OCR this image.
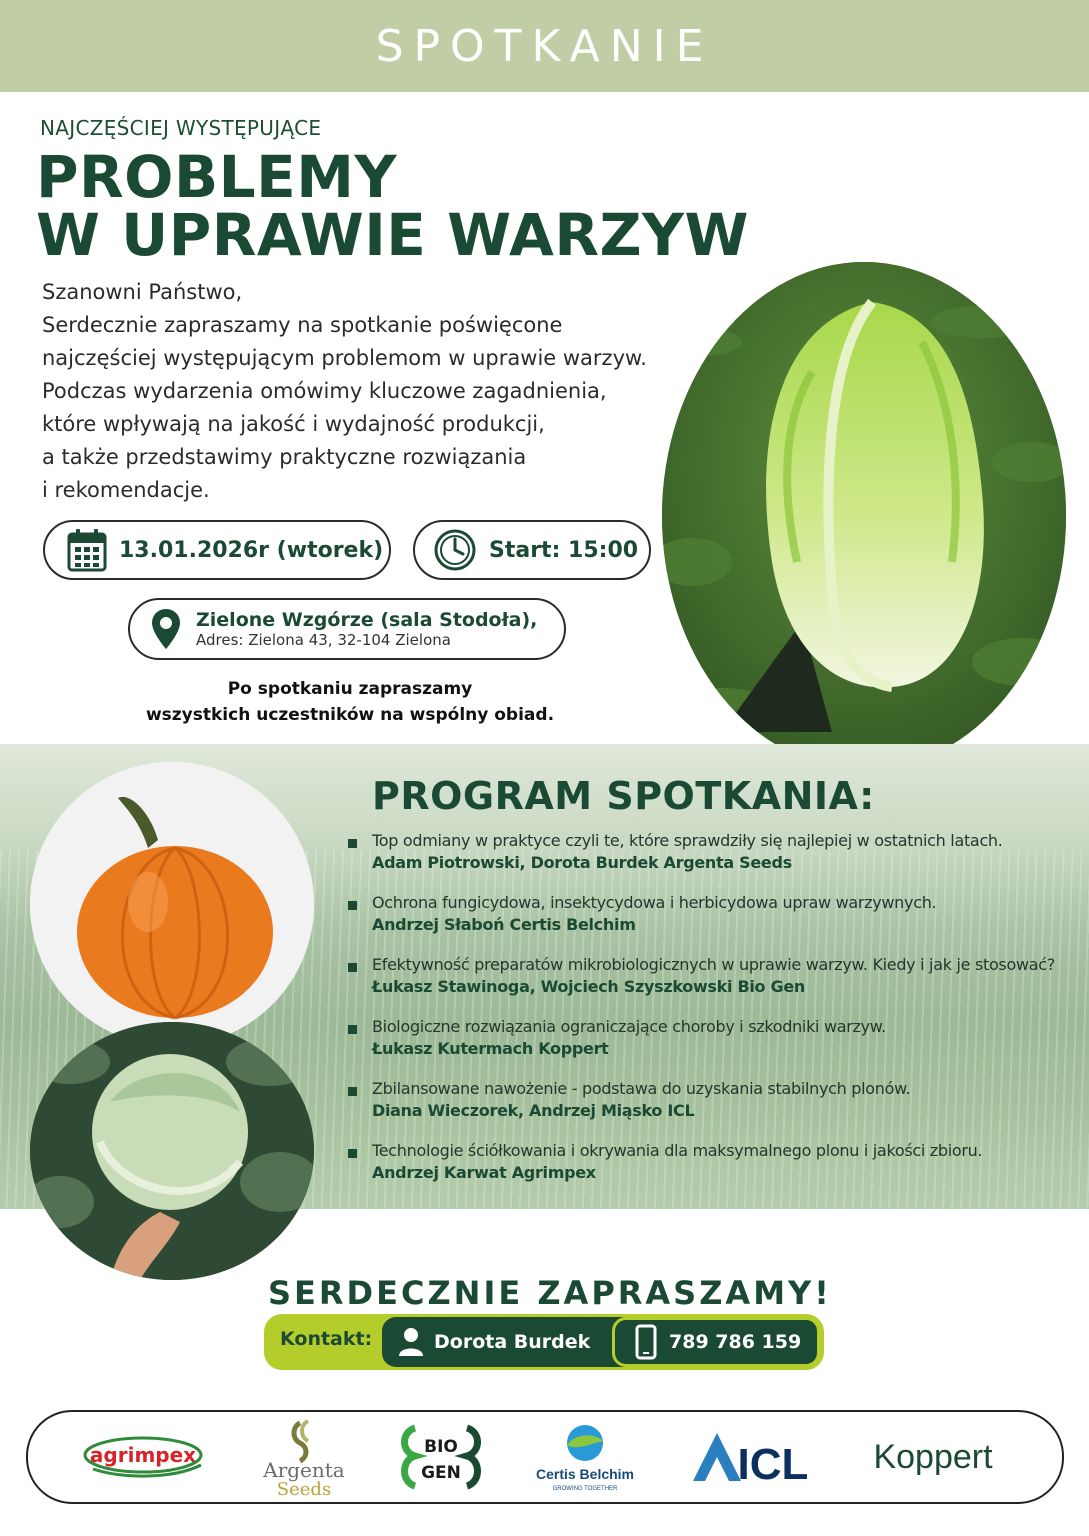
SPOTKANIE
NAJCZĘŚCIEJ WYSTĘPUJĄCE
PROBLEMY
W UPRAWIE WARZYW
Szanowni Państwo,
Serdecznie zapraszamy na spotkanie poświęcone
najczęściej występującym problemom w uprawie warzyw.
Podczas wydarzenia omówimy kluczowe zagadnienia,
które wpływają na jakość i wydajność produkcji,
a także przedstawimy praktyczne rozwiązania
i rekomendacje.
13.01.2026r (wtorek)	Start: 15:00
Zielone Wzgórze (sala Stodoła),
Adres: Zielona 43, 32-104 Zielona
Po spotkaniu zapraszamy
wszystkich uczestników na wspólny obiad.
PROGRAM SPOTKANIA:
Top odmiany w praktyce czyli te, które sprawdziły się najlepiej w ostatnich latach.
Adam Piotrowski, Dorota Burdek Argenta Seeds
Ochrona fungicydowa, insektycydowa i herbicydowa upraw warzywnych.
Andrzej Słaboń Certis Belchim
Efektywność preparatów mikrobiologicznych w uprawie warzyw. Kiedy i jak je stosować?
Łukasz Stawinoga, Wojciech Szyszkowski Bio Gen
Biologiczne rozwiązania ograniczające choroby i szkodniki warzyw.
Łukasz Kutermach Koppert
Zbilansowane nawożenie - podstawa do uzyskania stabilnych plonów.
Diana Wieczorek, Andrzej Miąsko ICL
Technologie ściółkowania i okrywania dla maksymalnego plonu i jakości zbioru.
Andrzej Karwat Agrimpex
SERDECZNIE ZAPRASZAMY!
Kontakt:	Dorota Burdek	789 786 159
agrimpex
Argenta
Seeds
BIO
GEN	Certis Belchim
GROWING TOGETHER	ICL Koppert
